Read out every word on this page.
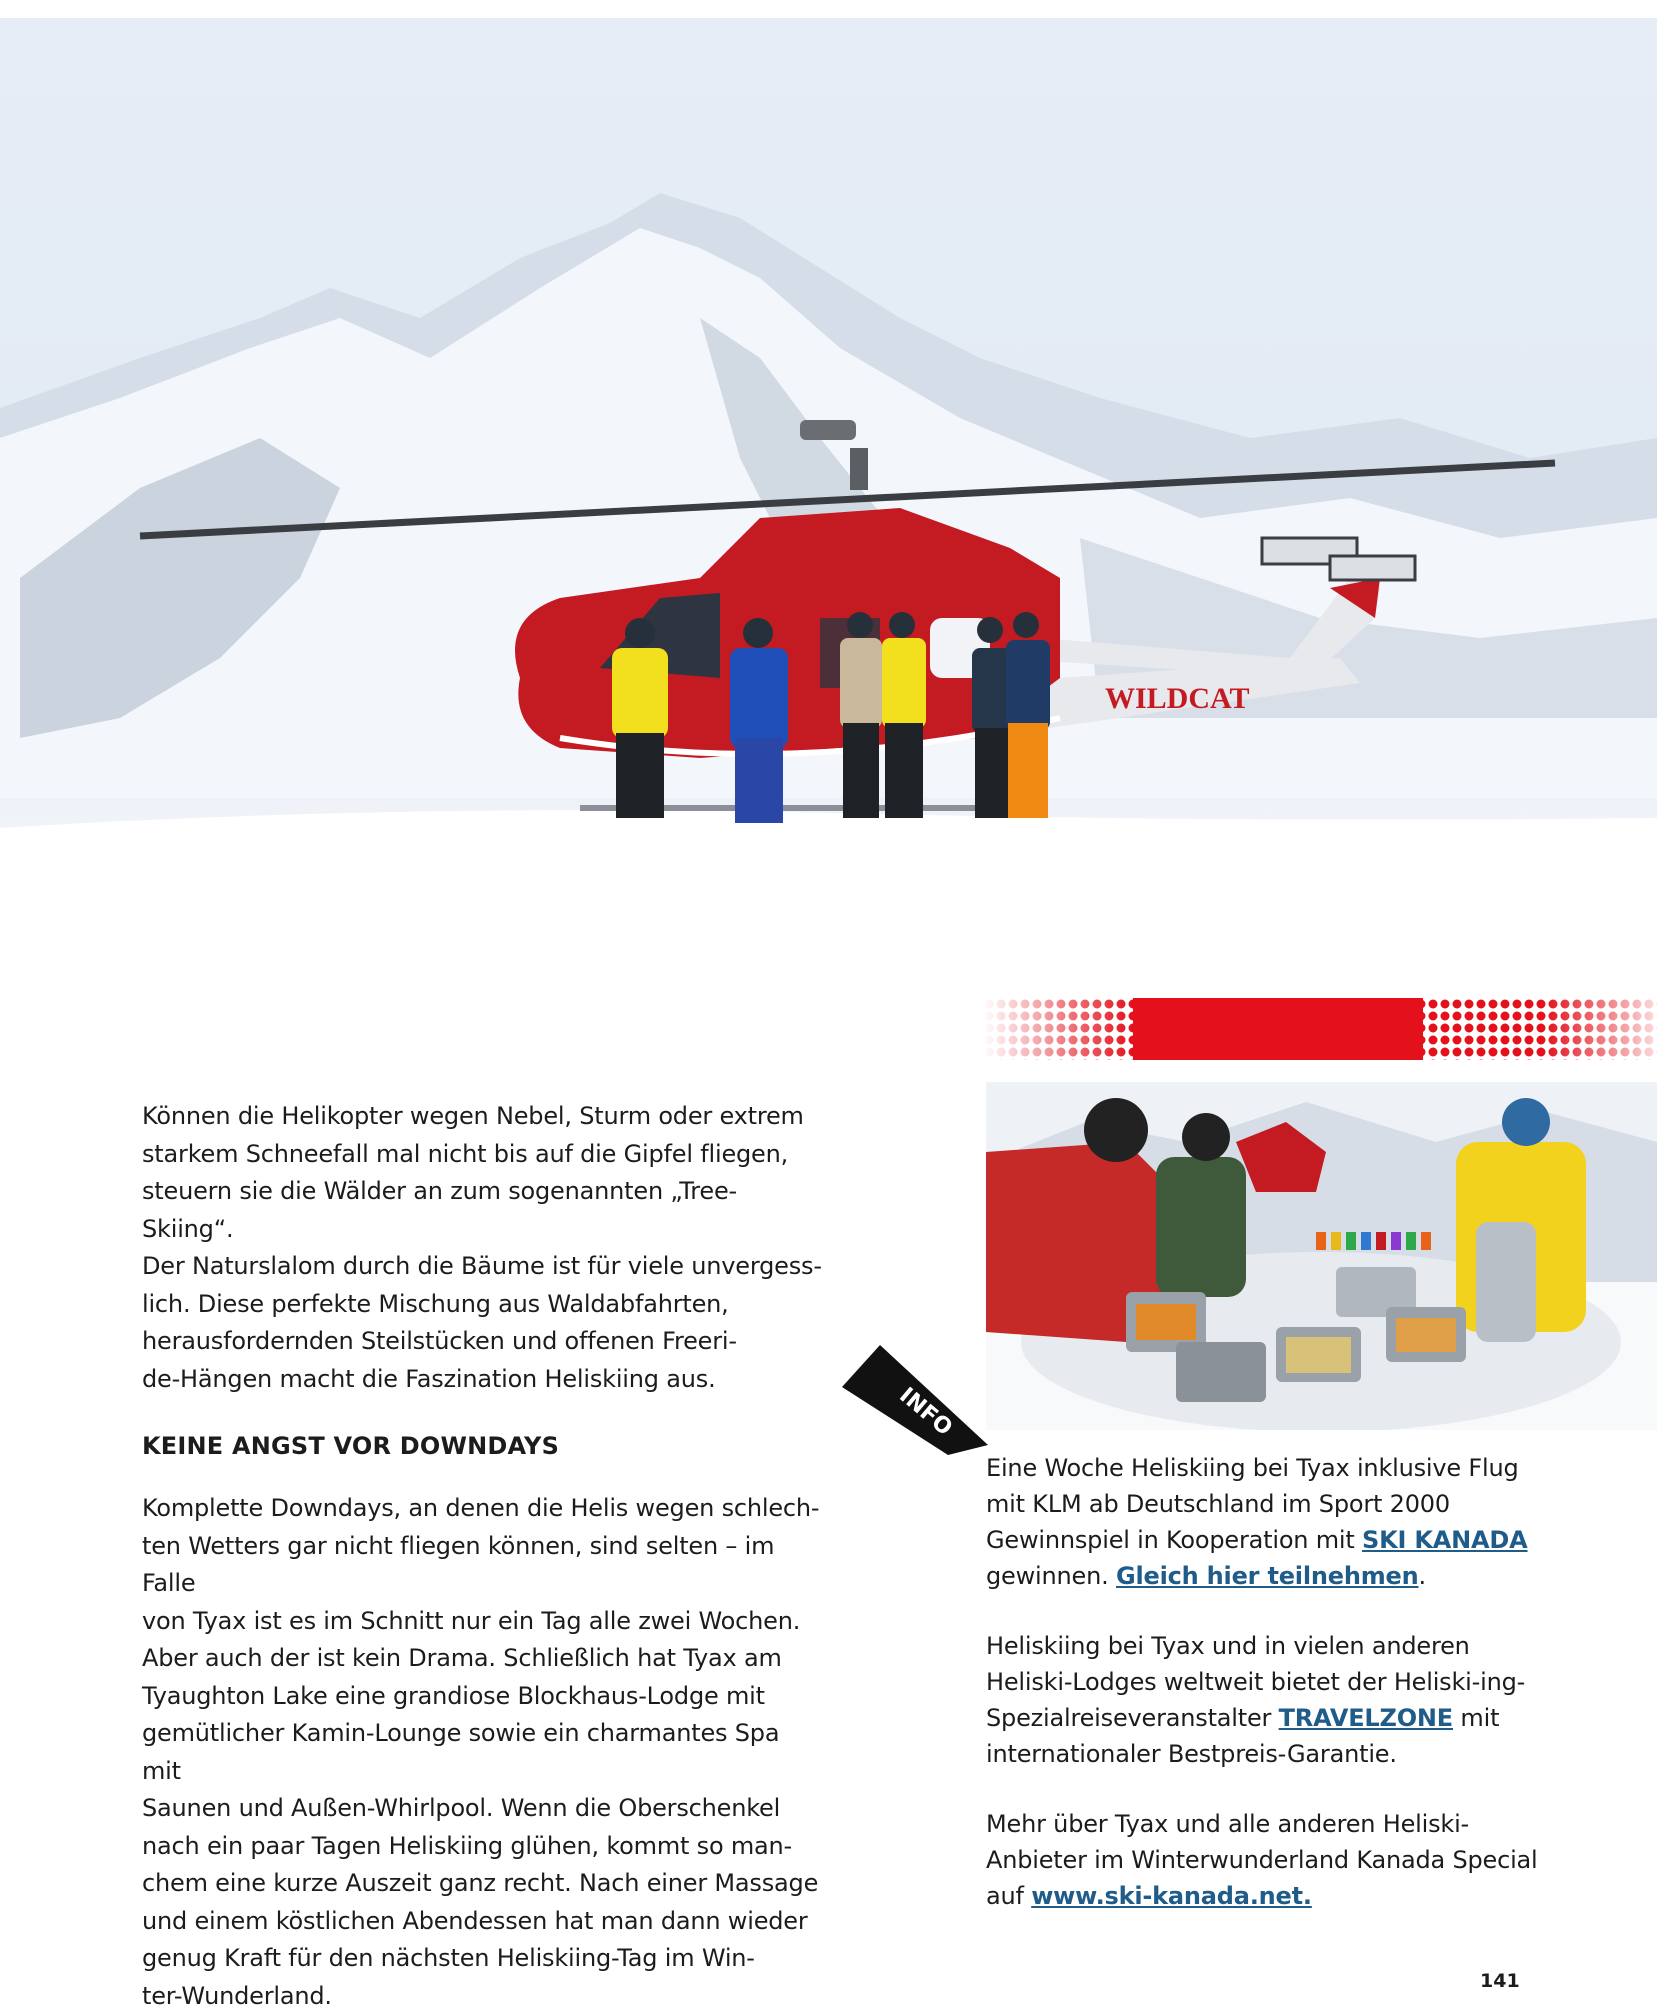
WILDCAT

Können die Helikopter wegen Nebel, Sturm oder extrem
starkem Schneefall mal nicht bis auf die Gipfel fliegen,
steuern sie die Wälder an zum sogenannten „Tree-Skiing“.
Der Naturslalom durch die Bäume ist für viele unvergess-
lich. Diese perfekte Mischung aus Waldabfahrten,
herausfordernden Steilstücken und offenen Freeri-
de-Hängen macht die Faszination Heliskiing aus.

KEINE ANGST VOR DOWNDAYS

Komplette Downdays, an denen die Helis wegen schlech-
ten Wetters gar nicht fliegen können, sind selten – im Falle
von Tyax ist es im Schnitt nur ein Tag alle zwei Wochen.
Aber auch der ist kein Drama. Schließlich hat Tyax am
Tyaughton Lake eine grandiose Blockhaus-Lodge mit
gemütlicher Kamin-Lounge sowie ein charmantes Spa mit
Saunen und Außen-Whirlpool. Wenn die Oberschenkel
nach ein paar Tagen Heliskiing glühen, kommt so man-
chem eine kurze Auszeit ganz recht. Nach einer Massage
und einem köstlichen Abendessen hat man dann wieder
genug Kraft für den nächsten Heliskiing-Tag im Win-
ter-Wunderland.

INFO

Eine Woche Heliskiing bei Tyax inklusive Flug mit KLM ab Deutschland im Sport 2000 Gewinnspiel in Kooperation mit SKI KANADA gewinnen. Gleich hier teilnehmen.

Heliskiing bei Tyax und in vielen anderen Heliski-Lodges weltweit bietet der Heliski-ing-Spezialreiseveranstalter TRAVELZONE mit internationaler Bestpreis-Garantie.

Mehr über Tyax und alle anderen Heliski-Anbieter im Winterwunderland Kanada Special auf www.ski-kanada.net.

141
